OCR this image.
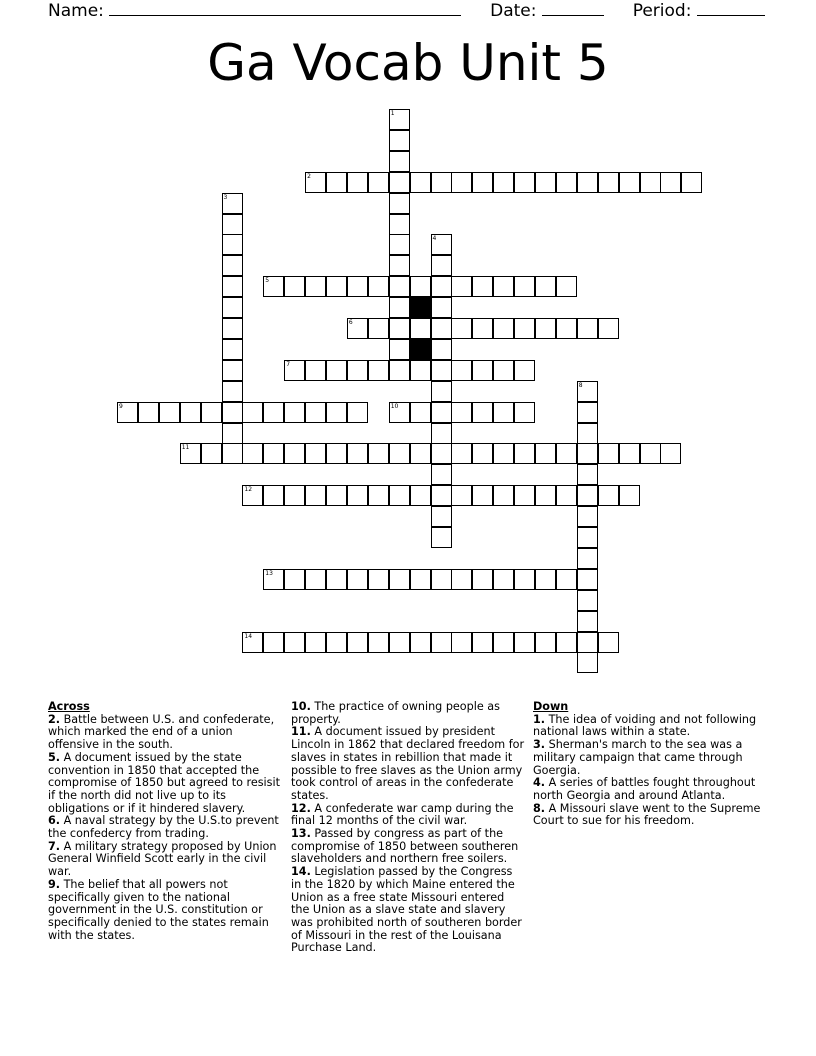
Name:	Date:	Period:
Ga Vocab Unit 5
1
2
3
4
5
6
7
8
9	10
11
12
13
14
Across

2. Battle between U.S. and confederate, which marked the end of a union offensive in the south.

5. A document issued by the state convention in 1850 that accepted the compromise of 1850 but agreed to resisit if the north did not live up to its obligations or if it hindered slavery.

6. A naval strategy by the U.S.to prevent the confedercy from trading.

7. A military strategy proposed by Union General Winfield Scott early in the civil war.

9. The belief that all powers not specifically given to the national government in the U.S. constitution or specifically denied to the states remain with the states.

10. The practice of owning people as property.

11. A document issued by president Lincoln in 1862 that declared freedom for slaves in states in rebillion that made it possible to free slaves as the Union army took control of areas in the confederate states.

12. A confederate war camp during the final 12 months of the civil war.

13. Passed by congress as part of the compromise of 1850 between southeren slaveholders and northern free soilers.

14. Legislation passed by the Congress in the 1820 by which Maine entered the Union as a free state Missouri entered the Union as a slave state and slavery was prohibited north of southeren border of Missouri in the rest of the Louisana Purchase Land.

Down

1. The idea of voiding and not following national laws within a state.

3. Sherman's march to the sea was a military campaign that came through Goergia.

4. A series of battles fought throughout north Georgia and around Atlanta.

8. A Missouri slave went to the Supreme Court to sue for his freedom.
